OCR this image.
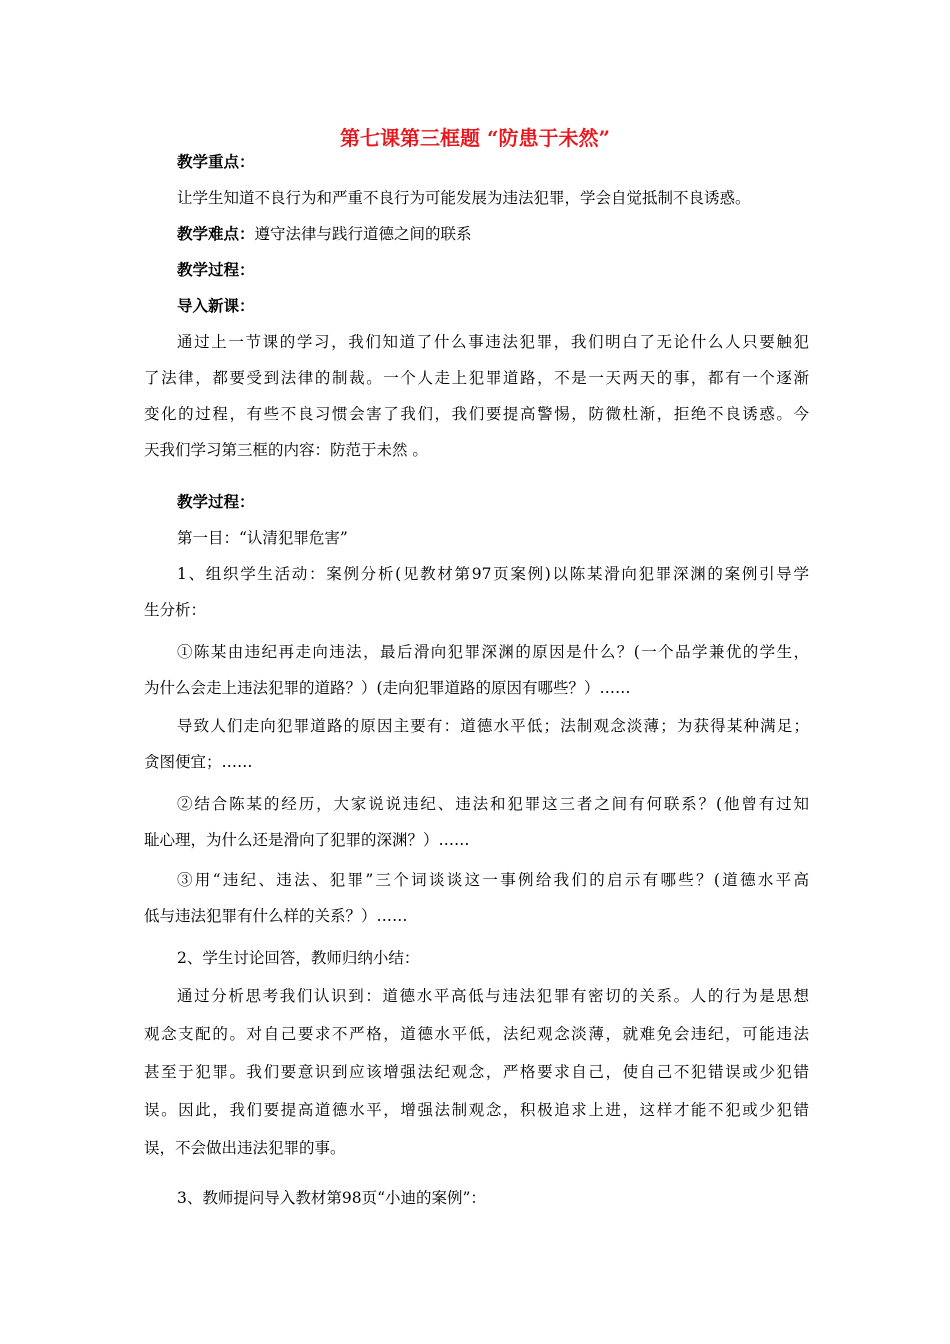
第七课第三框题 “防患于未然”
教学重点：
让学生知道不良行为和严重不良行为可能发展为违法犯罪，学会自觉抵制不良诱惑。
教学难点：遵守法律与践行道德之间的联系
教学过程：
导入新课：
通过上一节课的学习，我们知道了什么事违法犯罪，我们明白了无论什么人只要触犯
了法律，都要受到法律的制裁。一个人走上犯罪道路，不是一天两天的事，都有一个逐渐
变化的过程，有些不良习惯会害了我们，我们要提高警惕，防微杜渐，拒绝不良诱惑。今
天我们学习第三框的内容：防范于未然 。
教学过程：
第一目：“认清犯罪危害”
1、组织学生活动：案例分析(见教材第97页案例)以陈某滑向犯罪深渊的案例引导学
生分析：
①陈某由违纪再走向违法，最后滑向犯罪深渊的原因是什么？(一个品学兼优的学生，
为什么会走上违法犯罪的道路？）(走向犯罪道路的原因有哪些？）……
导致人们走向犯罪道路的原因主要有：道德水平低；法制观念淡薄；为获得某种满足；
贪图便宜；……
②结合陈某的经历，大家说说违纪、违法和犯罪这三者之间有何联系？(他曾有过知
耻心理，为什么还是滑向了犯罪的深渊？）……
③用“违纪、违法、犯罪”三个词谈谈这一事例给我们的启示有哪些？(道德水平高
低与违法犯罪有什么样的关系？）……
2、学生讨论回答，教师归纳小结：
通过分析思考我们认识到：道德水平高低与违法犯罪有密切的关系。人的行为是思想
观念支配的。对自己要求不严格，道德水平低，法纪观念淡薄，就难免会违纪，可能违法
甚至于犯罪。我们要意识到应该增强法纪观念，严格要求自己，使自己不犯错误或少犯错
误。因此，我们要提高道德水平，增强法制观念，积极追求上进，这样才能不犯或少犯错
误，不会做出违法犯罪的事。
3、教师提问导入教材第98页“小迪的案例”：
